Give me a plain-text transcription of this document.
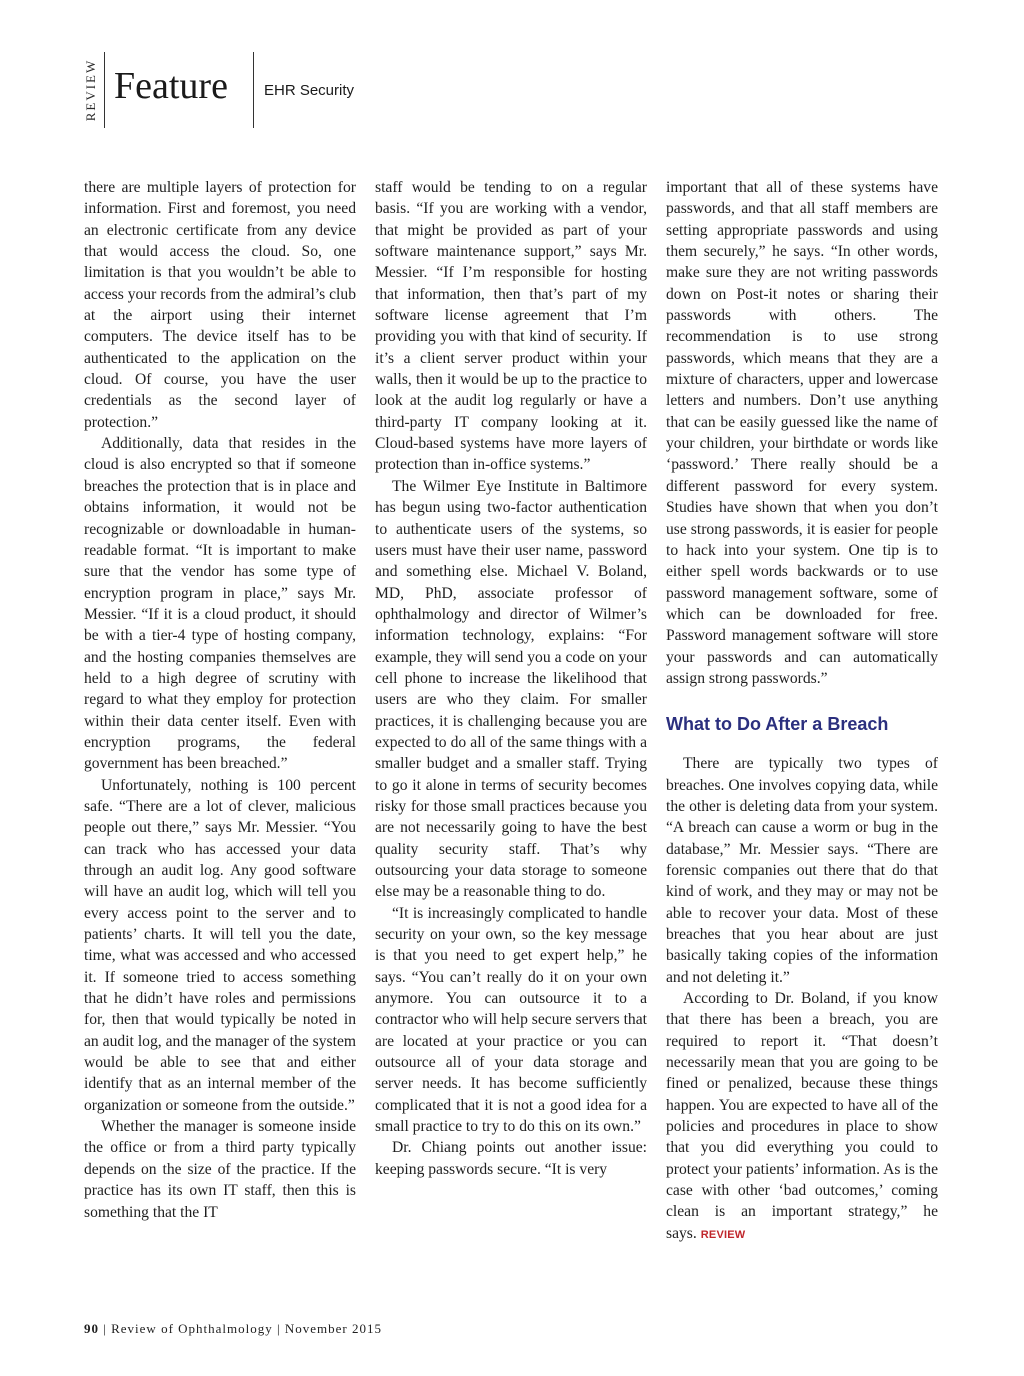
REVIEW Feature EHR Security

there are multiple layers of protection for information. First and foremost, you need an electronic certificate from any device that would access the cloud. So, one limitation is that you wouldn’t be able to access your records from the admiral’s club at the airport using their internet computers. The device itself has to be authenticated to the application on the cloud. Of course, you have the user credentials as the second layer of protection.”

Additionally, data that resides in the cloud is also encrypted so that if someone breaches the protection that is in place and obtains information, it would not be recognizable or downloadable in human-readable format. “It is important to make sure that the vendor has some type of encryption program in place,” says Mr. Messier. “If it is a cloud product, it should be with a tier-4 type of hosting company, and the hosting companies themselves are held to a high degree of scrutiny with regard to what they employ for protection within their data center itself. Even with encryption programs, the federal government has been breached.”

Unfortunately, nothing is 100 percent safe. “There are a lot of clever, malicious people out there,” says Mr. Messier. “You can track who has accessed your data through an audit log. Any good software will have an audit log, which will tell you every access point to the server and to patients’ charts. It will tell you the date, time, what was accessed and who accessed it. If someone tried to access something that he didn’t have roles and permissions for, then that would typically be noted in an audit log, and the manager of the system would be able to see that and either identify that as an internal member of the organization or someone from the outside.”

Whether the manager is someone inside the office or from a third party typically depends on the size of the practice. If the practice has its own IT staff, then this is something that the IT

staff would be tending to on a regular basis. “If you are working with a vendor, that might be provided as part of your software maintenance support,” says Mr. Messier. “If I’m responsible for hosting that information, then that’s part of my software license agreement that I’m providing you with that kind of security. If it’s a client server product within your walls, then it would be up to the practice to look at the audit log regularly or have a third-party IT company looking at it. Cloud-based systems have more layers of protection than in-office systems.”

The Wilmer Eye Institute in Baltimore has begun using two-factor authentication to authenticate users of the systems, so users must have their user name, password and something else. Michael V. Boland, MD, PhD, associate professor of ophthalmology and director of Wilmer’s information technology, explains: “For example, they will send you a code on your cell phone to increase the likelihood that users are who they claim. For smaller practices, it is challenging because you are expected to do all of the same things with a smaller budget and a smaller staff. Trying to go it alone in terms of security becomes risky for those small practices because you are not necessarily going to have the best quality security staff. That’s why outsourcing your data storage to someone else may be a reasonable thing to do.

“It is increasingly complicated to handle security on your own, so the key message is that you need to get expert help,” he says. “You can’t really do it on your own anymore. You can outsource it to a contractor who will help secure servers that are located at your practice or you can outsource all of your data storage and server needs. It has become sufficiently complicated that it is not a good idea for a small practice to try to do this on its own.”

Dr. Chiang points out another issue: keeping passwords secure. “It is very

important that all of these systems have passwords, and that all staff members are setting appropriate passwords and using them securely,” he says. “In other words, make sure they are not writing passwords down on Post-it notes or sharing their passwords with others. The recommendation is to use strong passwords, which means that they are a mixture of characters, upper and lowercase letters and numbers. Don’t use anything that can be easily guessed like the name of your children, your birthdate or words like ‘password.’ There really should be a different password for every system. Studies have shown that when you don’t use strong passwords, it is easier for people to hack into your system. One tip is to either spell words backwards or to use password management software, some of which can be downloaded for free. Password management software will store your passwords and can automatically assign strong passwords.”

What to Do After a Breach

There are typically two types of breaches. One involves copying data, while the other is deleting data from your system. “A breach can cause a worm or bug in the database,” Mr. Messier says. “There are forensic companies out there that do that kind of work, and they may or may not be able to recover your data. Most of these breaches that you hear about are just basically taking copies of the information and not deleting it.”

According to Dr. Boland, if you know that there has been a breach, you are required to report it. “That doesn’t necessarily mean that you are going to be fined or penalized, because these things happen. You are expected to have all of the policies and procedures in place to show that you did everything you could to protect your patients’ information. As is the case with other ‘bad outcomes,’ coming clean is an important strategy,” he says. REVIEW

90 | Review of Ophthalmology | November 2015
